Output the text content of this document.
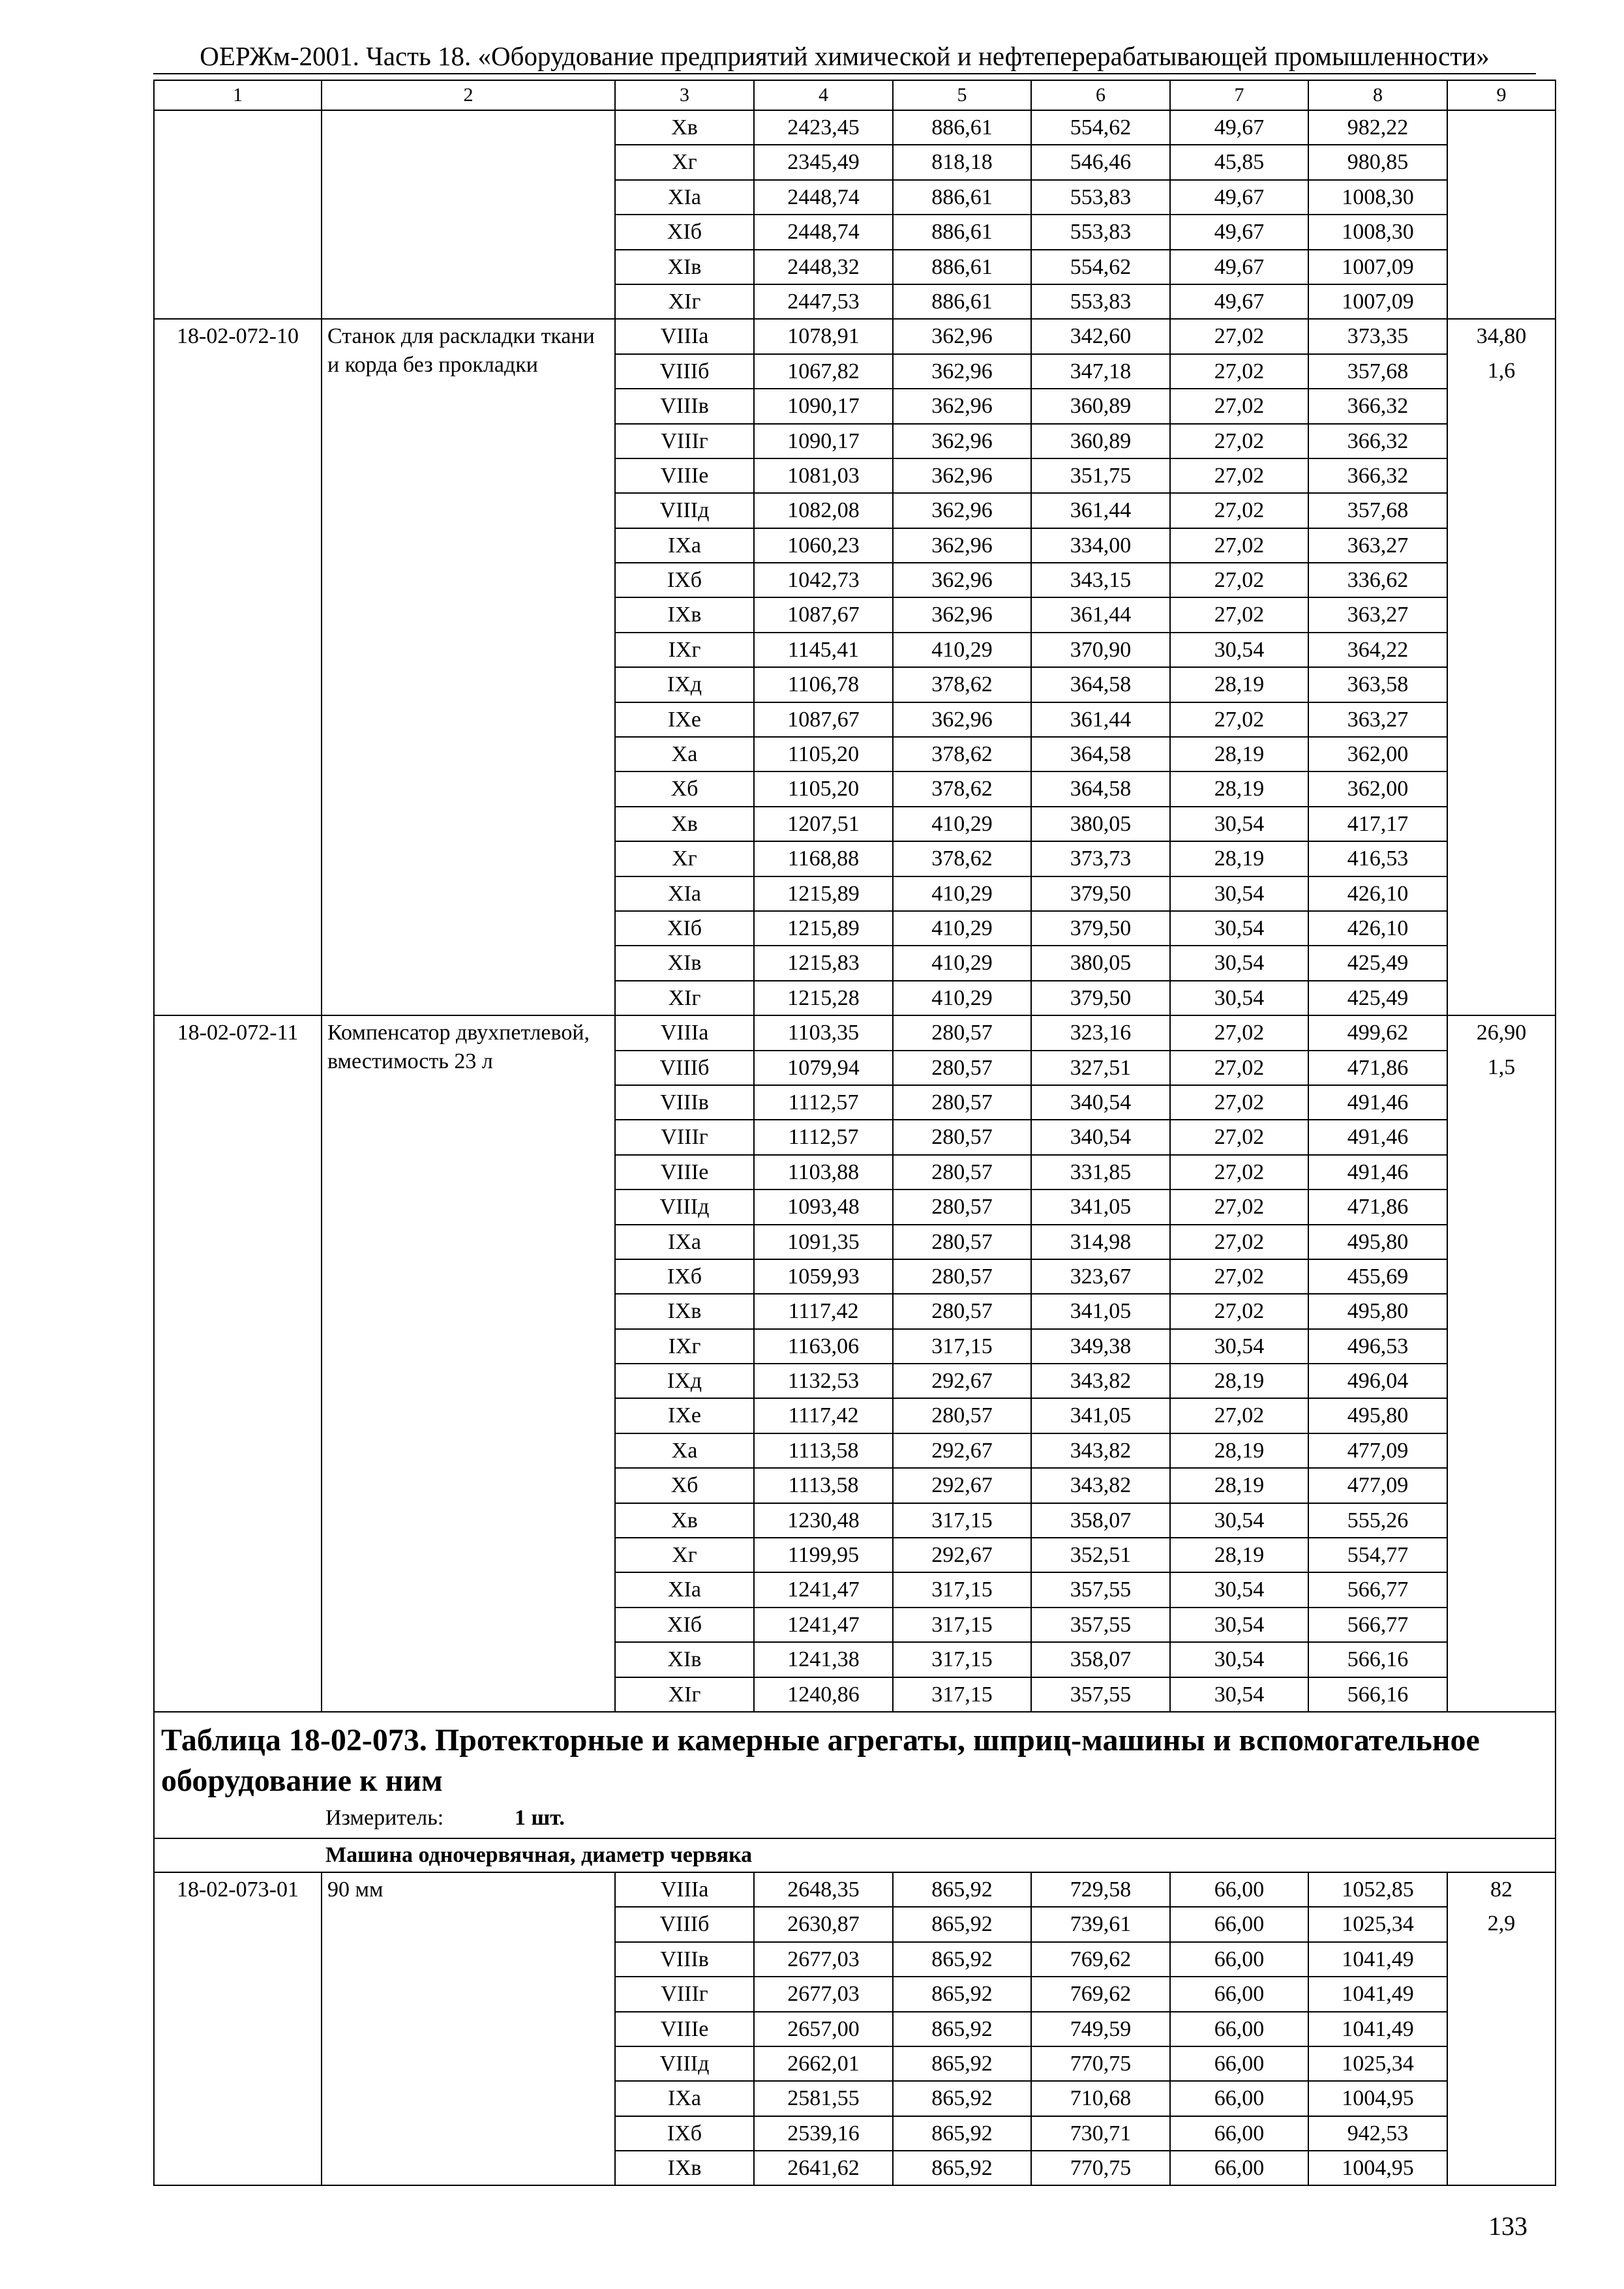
ОЕРЖм-2001. Часть 18. «Оборудование предприятий химической и нефтеперерабатывающей промышленности»
1	2	3	4	5	6	7	8	9
		Xв	2423,45	886,61	554,62	49,67	982,22	
		Xг	2345,49	818,18	546,46	45,85	980,85	
		XIа	2448,74	886,61	553,83	49,67	1008,30	
		XIб	2448,74	886,61	553,83	49,67	1008,30	
		XIв	2448,32	886,61	554,62	49,67	1007,09	
		XIг	2447,53	886,61	553,83	49,67	1007,09	
18-02-072-10	Станок для раскладки ткани и корда без прокладки	VIIIа	1078,91	362,96	342,60	27,02	373,35	34,80
		VIIIб	1067,82	362,96	347,18	27,02	357,68	1,6
		VIIIв	1090,17	362,96	360,89	27,02	366,32	
		VIIIг	1090,17	362,96	360,89	27,02	366,32	
		VIIIе	1081,03	362,96	351,75	27,02	366,32	
		VIIIд	1082,08	362,96	361,44	27,02	357,68	
		IXа	1060,23	362,96	334,00	27,02	363,27	
		IXб	1042,73	362,96	343,15	27,02	336,62	
		IXв	1087,67	362,96	361,44	27,02	363,27	
		IXг	1145,41	410,29	370,90	30,54	364,22	
		IXд	1106,78	378,62	364,58	28,19	363,58	
		IXе	1087,67	362,96	361,44	27,02	363,27	
		Xа	1105,20	378,62	364,58	28,19	362,00	
		Xб	1105,20	378,62	364,58	28,19	362,00	
		Xв	1207,51	410,29	380,05	30,54	417,17	
		Xг	1168,88	378,62	373,73	28,19	416,53	
		XIа	1215,89	410,29	379,50	30,54	426,10	
		XIб	1215,89	410,29	379,50	30,54	426,10	
		XIв	1215,83	410,29	380,05	30,54	425,49	
		XIг	1215,28	410,29	379,50	30,54	425,49	
18-02-072-11	Компенсатор двухпетлевой, вместимость 23 л	VIIIа	1103,35	280,57	323,16	27,02	499,62	26,90
		VIIIб	1079,94	280,57	327,51	27,02	471,86	1,5
		VIIIв	1112,57	280,57	340,54	27,02	491,46	
		VIIIг	1112,57	280,57	340,54	27,02	491,46	
		VIIIе	1103,88	280,57	331,85	27,02	491,46	
		VIIIд	1093,48	280,57	341,05	27,02	471,86	
		IXа	1091,35	280,57	314,98	27,02	495,80	
		IXб	1059,93	280,57	323,67	27,02	455,69	
		IXв	1117,42	280,57	341,05	27,02	495,80	
		IXг	1163,06	317,15	349,38	30,54	496,53	
		IXд	1132,53	292,67	343,82	28,19	496,04	
		IXе	1117,42	280,57	341,05	27,02	495,80	
		Xа	1113,58	292,67	343,82	28,19	477,09	
		Xб	1113,58	292,67	343,82	28,19	477,09	
		Xв	1230,48	317,15	358,07	30,54	555,26	
		Xг	1199,95	292,67	352,51	28,19	554,77	
		XIа	1241,47	317,15	357,55	30,54	566,77	
		XIб	1241,47	317,15	357,55	30,54	566,77	
		XIв	1241,38	317,15	358,07	30,54	566,16	
		XIг	1240,86	317,15	357,55	30,54	566,16	
Таблица 18-02-073. Протекторные и камерные агрегаты, шприц-машины и вспомогательное оборудование к ним								
Измеритель: 1 шт.								
Машина одночервячная, диаметр червяка								
18-02-073-01	90 мм	VIIIа	2648,35	865,92	729,58	66,00	1052,85	82
		VIIIб	2630,87	865,92	739,61	66,00	1025,34	2,9
		VIIIв	2677,03	865,92	769,62	66,00	1041,49	
		VIIIг	2677,03	865,92	769,62	66,00	1041,49	
		VIIIе	2657,00	865,92	749,59	66,00	1041,49	
		VIIIд	2662,01	865,92	770,75	66,00	1025,34	
		IXа	2581,55	865,92	710,68	66,00	1004,95	
		IXб	2539,16	865,92	730,71	66,00	942,53	
		IXв	2641,62	865,92	770,75	66,00	1004,95	
133
